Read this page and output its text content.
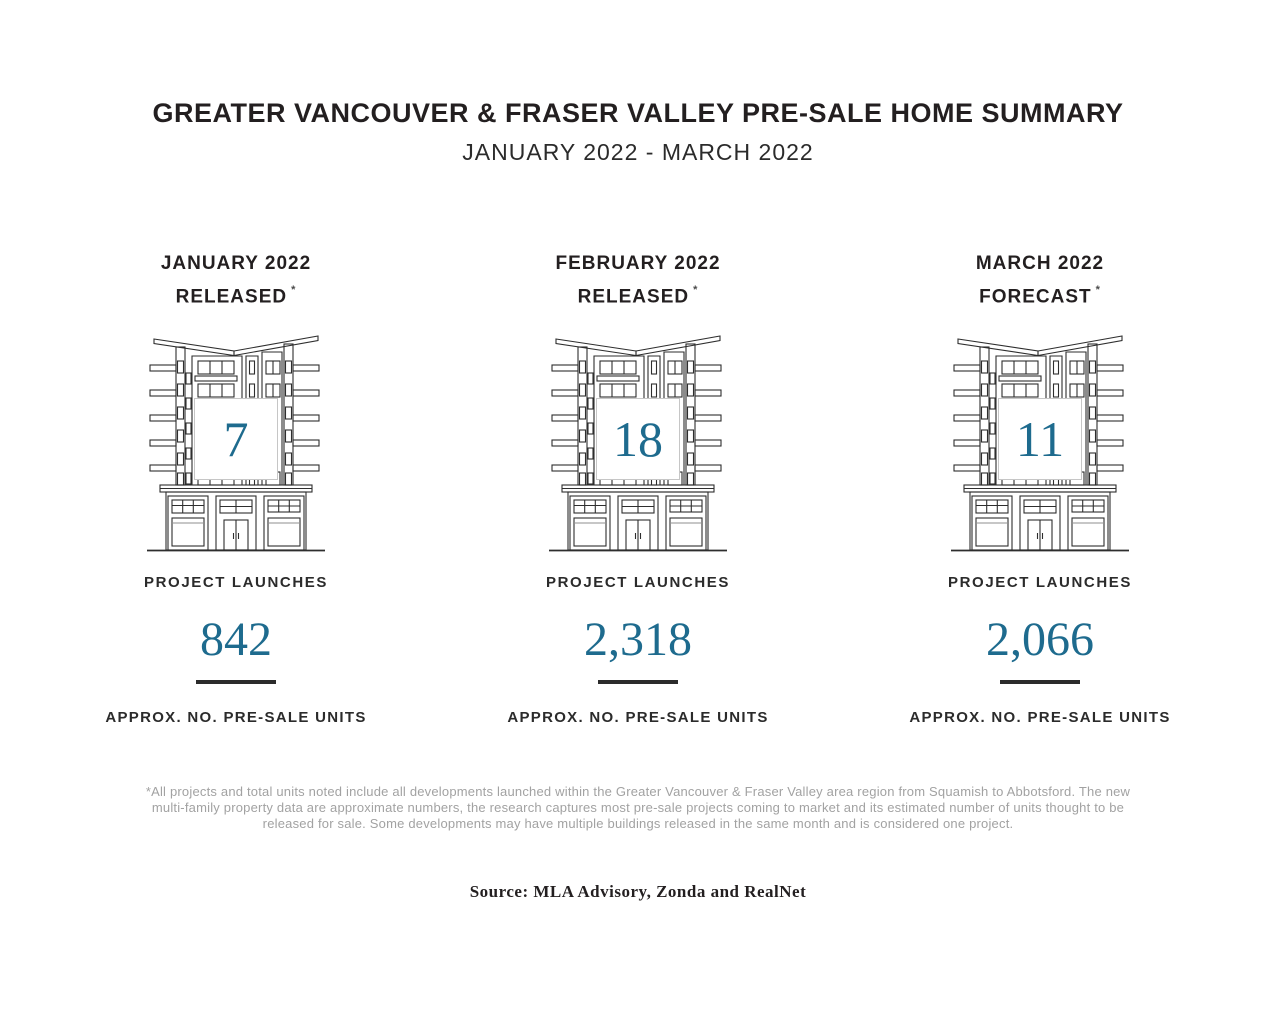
GREATER VANCOUVER & FRASER VALLEY PRE-SALE HOME SUMMARY
JANUARY 2022 - MARCH 2022
JANUARY 2022
RELEASED *
7
PROJECT LAUNCHES
842
APPROX. NO. PRE-SALE UNITS
FEBRUARY 2022
RELEASED *
18
PROJECT LAUNCHES
2,318
APPROX. NO. PRE-SALE UNITS
MARCH 2022
FORECAST *
11
PROJECT LAUNCHES
2,066
APPROX. NO. PRE-SALE UNITS
*All projects and total units noted include all developments launched within the Greater Vancouver & Fraser Valley area region from Squamish to Abbotsford. The new
multi-family property data are approximate numbers, the research captures most pre-sale projects coming to market and its estimated number of units thought to be
released for sale. Some developments may have multiple buildings released in the same month and is considered one project.
Source: MLA Advisory, Zonda and RealNet
